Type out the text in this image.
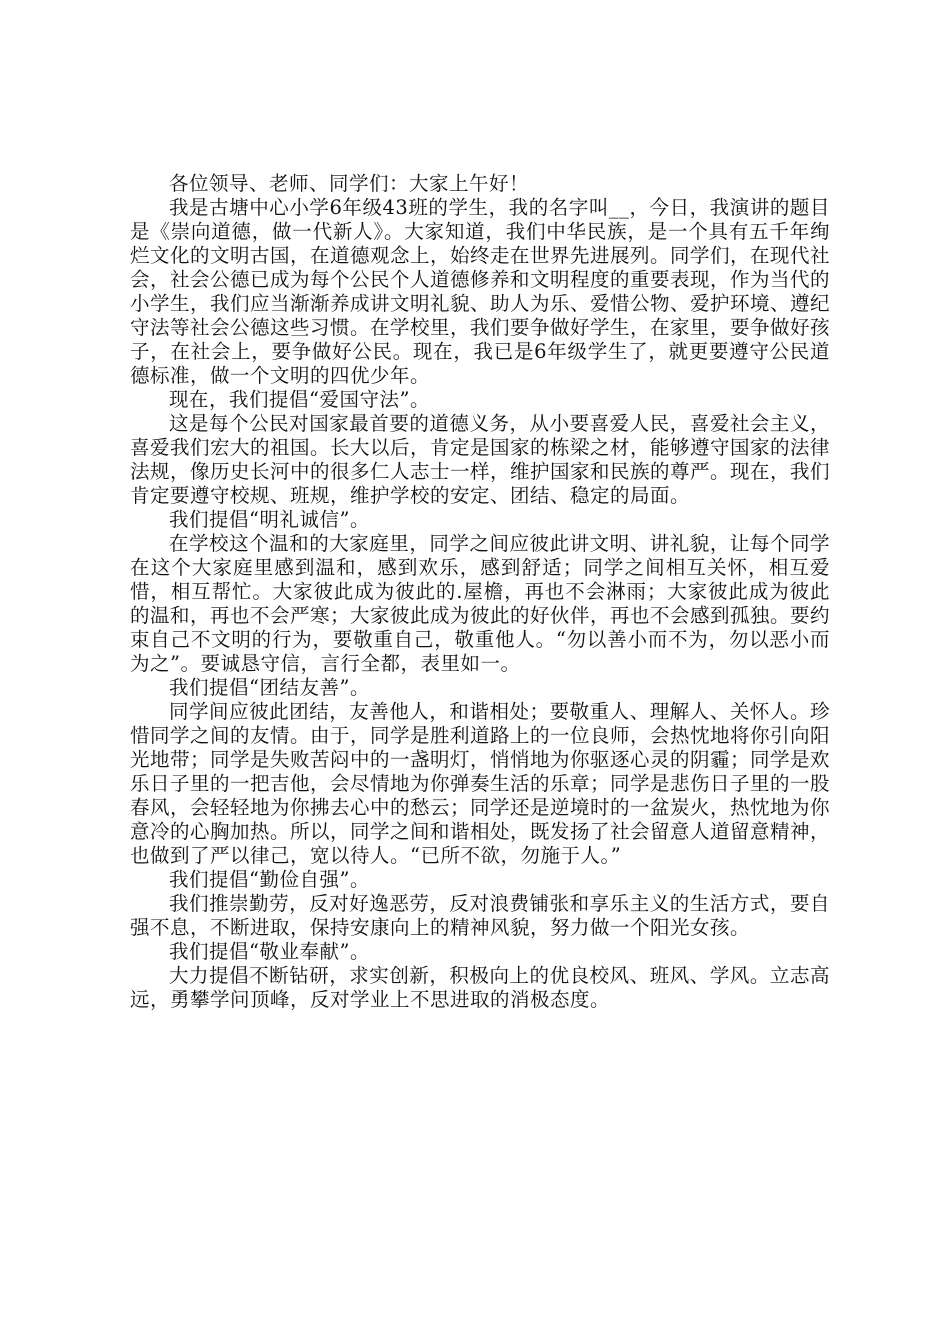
各位领导、老师、同学们：大家上午好！

我是古塘中心小学6年级43班的学生，我的名字叫__，今日，我演讲的题目是《崇向道德，做一代新人》。大家知道，我们中华民族，是一个具有五千年绚烂文化的文明古国，在道德观念上，始终走在世界先进展列。同学们，在现代社会，社会公德已成为每个公民个人道德修养和文明程度的重要表现，作为当代的小学生，我们应当渐渐养成讲文明礼貌、助人为乐、爱惜公物、爱护环境、遵纪守法等社会公德这些习惯。在学校里，我们要争做好学生，在家里，要争做好孩子，在社会上，要争做好公民。现在，我已是6年级学生了，就更要遵守公民道德标准，做一个文明的四优少年。

现在，我们提倡“爱国守法”。

这是每个公民对国家最首要的道德义务，从小要喜爱人民，喜爱社会主义，喜爱我们宏大的祖国。长大以后，肯定是国家的栋梁之材，能够遵守国家的法律法规，像历史长河中的很多仁人志士一样，维护国家和民族的尊严。现在，我们肯定要遵守校规、班规，维护学校的安定、团结、稳定的局面。

我们提倡“明礼诚信”。

在学校这个温和的大家庭里，同学之间应彼此讲文明、讲礼貌，让每个同学在这个大家庭里感到温和，感到欢乐，感到舒适；同学之间相互关怀，相互爱惜，相互帮忙。大家彼此成为彼此的.屋檐，再也不会淋雨；大家彼此成为彼此的温和，再也不会严寒；大家彼此成为彼此的好伙伴，再也不会感到孤独。要约束自己不文明的行为，要敬重自己，敬重他人。“勿以善小而不为，勿以恶小而为之”。要诚恳守信，言行全都，表里如一。

我们提倡“团结友善”。

同学间应彼此团结，友善他人，和谐相处；要敬重人、理解人、关怀人。珍惜同学之间的友情。由于，同学是胜利道路上的一位良师，会热忱地将你引向阳光地带；同学是失败苦闷中的一盏明灯，悄悄地为你驱逐心灵的阴霾；同学是欢乐日子里的一把吉他，会尽情地为你弹奏生活的乐章；同学是悲伤日子里的一股春风，会轻轻地为你拂去心中的愁云；同学还是逆境时的一盆炭火，热忱地为你意冷的心胸加热。所以，同学之间和谐相处，既发扬了社会留意人道留意精神，也做到了严以律己，宽以待人。“已所不欲，勿施于人。”

我们提倡“勤俭自强”。

我们推崇勤劳，反对好逸恶劳，反对浪费铺张和享乐主义的生活方式，要自强不息，不断进取，保持安康向上的精神风貌，努力做一个阳光女孩。

我们提倡“敬业奉献”。

大力提倡不断钻研，求实创新，积极向上的优良校风、班风、学风。立志高远，勇攀学问顶峰，反对学业上不思进取的消极态度。
